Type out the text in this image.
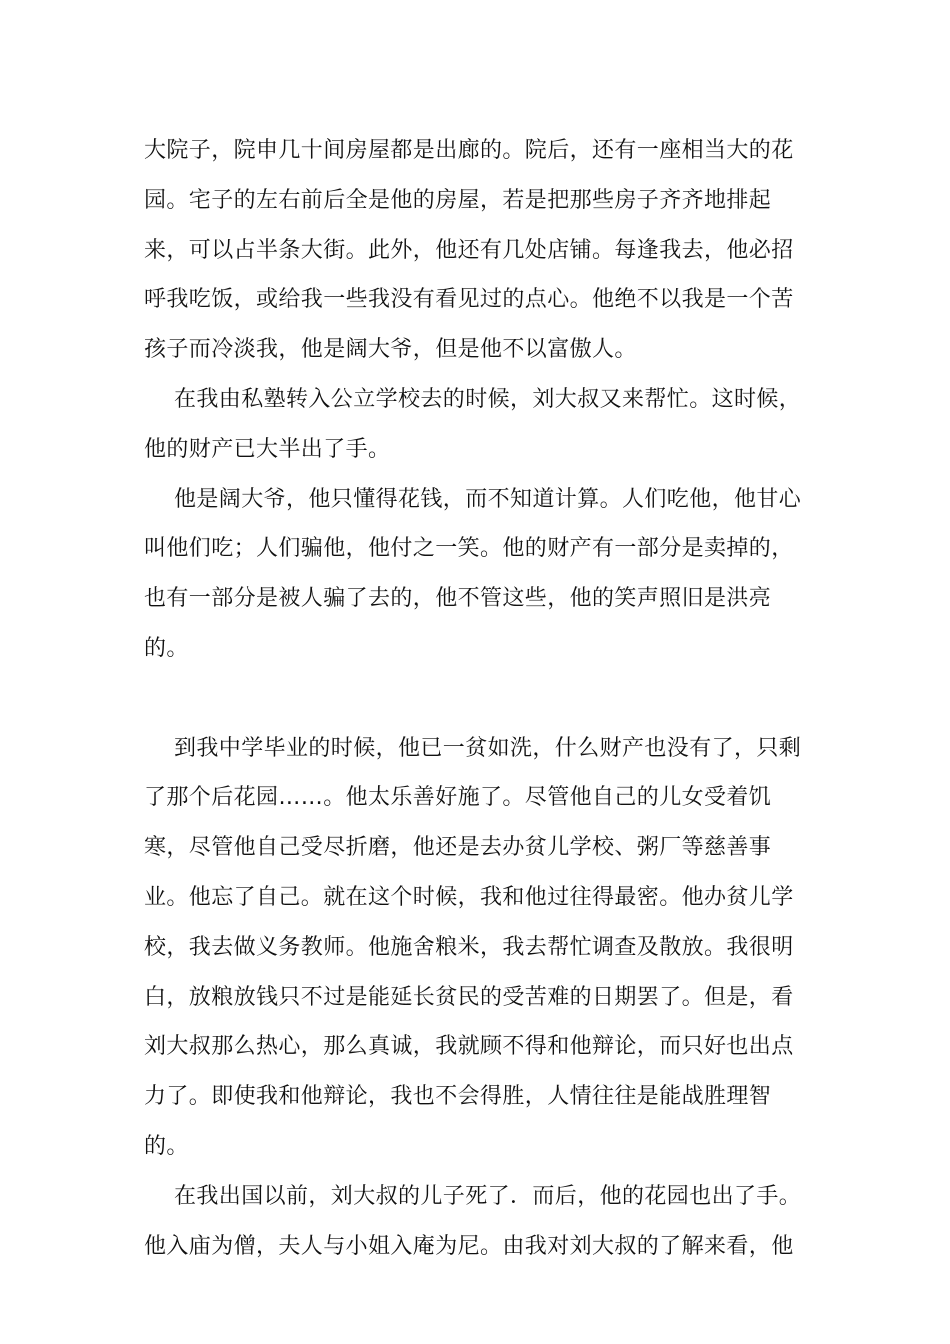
大院子，院申几十间房屋都是出廊的。院后，还有一座相当大的花
园。宅子的左右前后全是他的房屋，若是把那些房子齐齐地排起
来，可以占半条大街。此外，他还有几处店铺。每逢我去，他必招
呼我吃饭，或给我一些我没有看见过的点心。他绝不以我是一个苦
孩子而冷淡我，他是阔大爷，但是他不以富傲人。
在我由私塾转入公立学校去的时候，刘大叔又来帮忙。这时候，
他的财产已大半出了手。
他是阔大爷，他只懂得花钱，而不知道计算。人们吃他，他甘心
叫他们吃；人们骗他，他付之一笑。他的财产有一部分是卖掉的，
也有一部分是被人骗了去的，他不管这些，他的笑声照旧是洪亮
的。
到我中学毕业的时候，他已一贫如洗，什么财产也没有了，只剩
了那个后花园……。他太乐善好施了。尽管他自己的儿女受着饥
寒，尽管他自己受尽折磨，他还是去办贫儿学校、粥厂等慈善事
业。他忘了自己。就在这个时候，我和他过往得最密。他办贫儿学
校，我去做义务教师。他施舍粮米，我去帮忙调查及散放。我很明
白，放粮放钱只不过是能延长贫民的受苦难的日期罢了。但是，看
刘大叔那么热心，那么真诚，我就顾不得和他辩论，而只好也出点
力了。即使我和他辩论，我也不会得胜，人情往往是能战胜理智
的。
在我出国以前，刘大叔的儿子死了．而后，他的花园也出了手。
他入庙为僧，夫人与小姐入庵为尼。由我对刘大叔的了解来看，他
